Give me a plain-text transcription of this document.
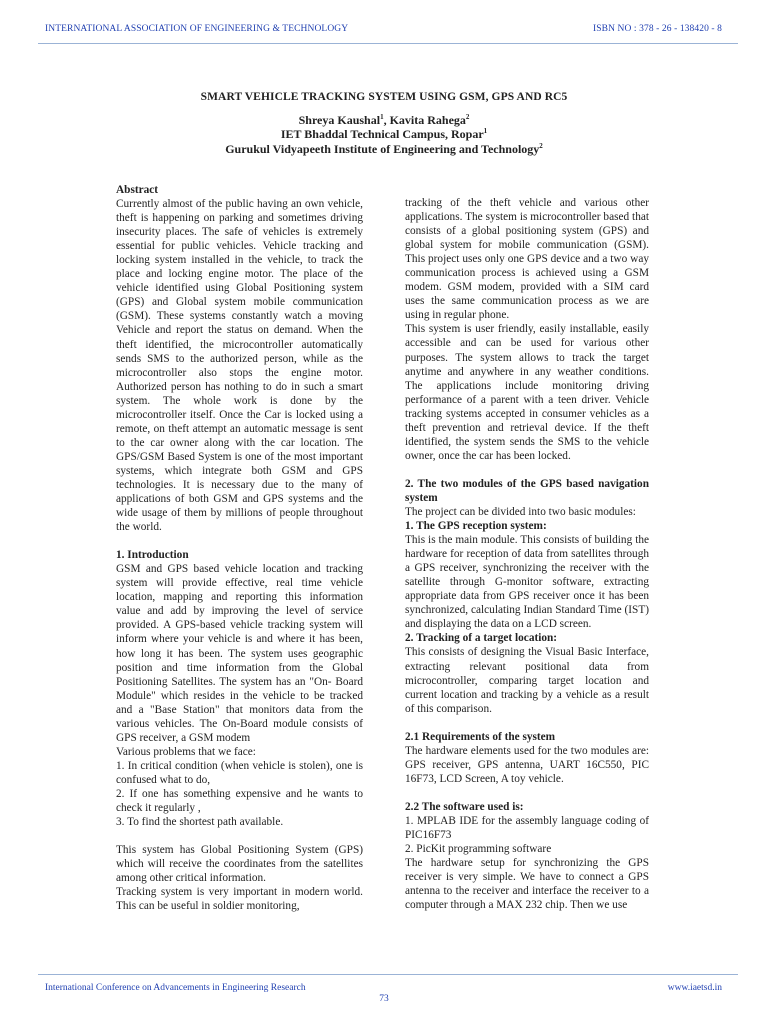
INTERNATIONAL ASSOCIATION OF ENGINEERING & TECHNOLOGY	ISBN NO : 378 - 26 - 138420 - 8
SMART VEHICLE TRACKING SYSTEM USING GSM, GPS AND RC5
Shreya Kaushal$^1$, Kavita Rahega$^2$
IET Bhaddal Technical Campus, Ropar$^1$
Gurukul Vidyapeeth Institute of Engineering and Technology$^2$

Abstract

Currently almost of the public having an own vehicle, theft is happening on parking and sometimes driving insecurity places. The safe of vehicles is extremely essential for public vehicles. Vehicle tracking and locking system installed in the vehicle, to track the place and locking engine motor. The place of the vehicle identified using Global Positioning system (GPS) and Global system mobile communication (GSM). These systems constantly watch a moving Vehicle and report the status on demand. When the theft identified, the microcontroller automatically sends SMS to the authorized person, while as the microcontroller also stops the engine motor. Authorized person has nothing to do in such a smart system. The whole work is done by the microcontroller itself. Once the Car is locked using a remote, on theft attempt an automatic message is sent to the car owner along with the car location. The GPS/GSM Based System is one of the most important systems, which integrate both GSM and GPS technologies. It is necessary due to the many of applications of both GSM and GPS systems and the wide usage of them by millions of people throughout the world.

1. Introduction

GSM and GPS based vehicle location and tracking system will provide effective, real time vehicle location, mapping and reporting this information value and add by improving the level of service provided. A GPS-based vehicle tracking system will inform where your vehicle is and where it has been, how long it has been. The system uses geographic position and time information from the Global Positioning Satellites. The system has an "On- Board Module" which resides in the vehicle to be tracked and a "Base Station" that monitors data from the various vehicles. The On-Board module consists of GPS receiver, a GSM modem

Various problems that we face:

1. In critical condition (when vehicle is stolen), one is confused what to do,

2. If one has something expensive and he wants to check it regularly ,

3. To find the shortest path available.

This system has Global Positioning System (GPS) which will receive the coordinates from the satellites among other critical information.

Tracking system is very important in modern world. This can be useful in soldier monitoring,

tracking of the theft vehicle and various other applications. The system is microcontroller based that consists of a global positioning system (GPS) and global system for mobile communication (GSM). This project uses only one GPS device and a two way communication process is achieved using a GSM modem. GSM modem, provided with a SIM card uses the same communication process as we are using in regular phone.

This system is user friendly, easily installable, easily accessible and can be used for various other purposes. The system allows to track the target anytime and anywhere in any weather conditions. The applications include monitoring driving performance of a parent with a teen driver. Vehicle tracking systems accepted in consumer vehicles as a theft prevention and retrieval device. If the theft identified, the system sends the SMS to the vehicle owner, once the car has been locked.

2. The two modules of the GPS based navigation system

The project can be divided into two basic modules:

1. The GPS reception system:

This is the main module. This consists of building the hardware for reception of data from satellites through a GPS receiver, synchronizing the receiver with the satellite through G-monitor software, extracting appropriate data from GPS receiver once it has been synchronized, calculating Indian Standard Time (IST) and displaying the data on a LCD screen.

2. Tracking of a target location:

This consists of designing the Visual Basic Interface, extracting relevant positional data from microcontroller, comparing target location and current location and tracking by a vehicle as a result of this comparison.

2.1 Requirements of the system

The hardware elements used for the two modules are: GPS receiver, GPS antenna, UART 16C550, PIC 16F73, LCD Screen, A toy vehicle.

2.2 The software used is:

1. MPLAB IDE for the assembly language coding of PIC16F73

2. PicKit programming software

The hardware setup for synchronizing the GPS receiver is very simple. We have to connect a GPS antenna to the receiver and interface the receiver to a computer through a MAX 232 chip. Then we use

International Conference on Advancements in Engineering Research	www.iaetsd.in
73
